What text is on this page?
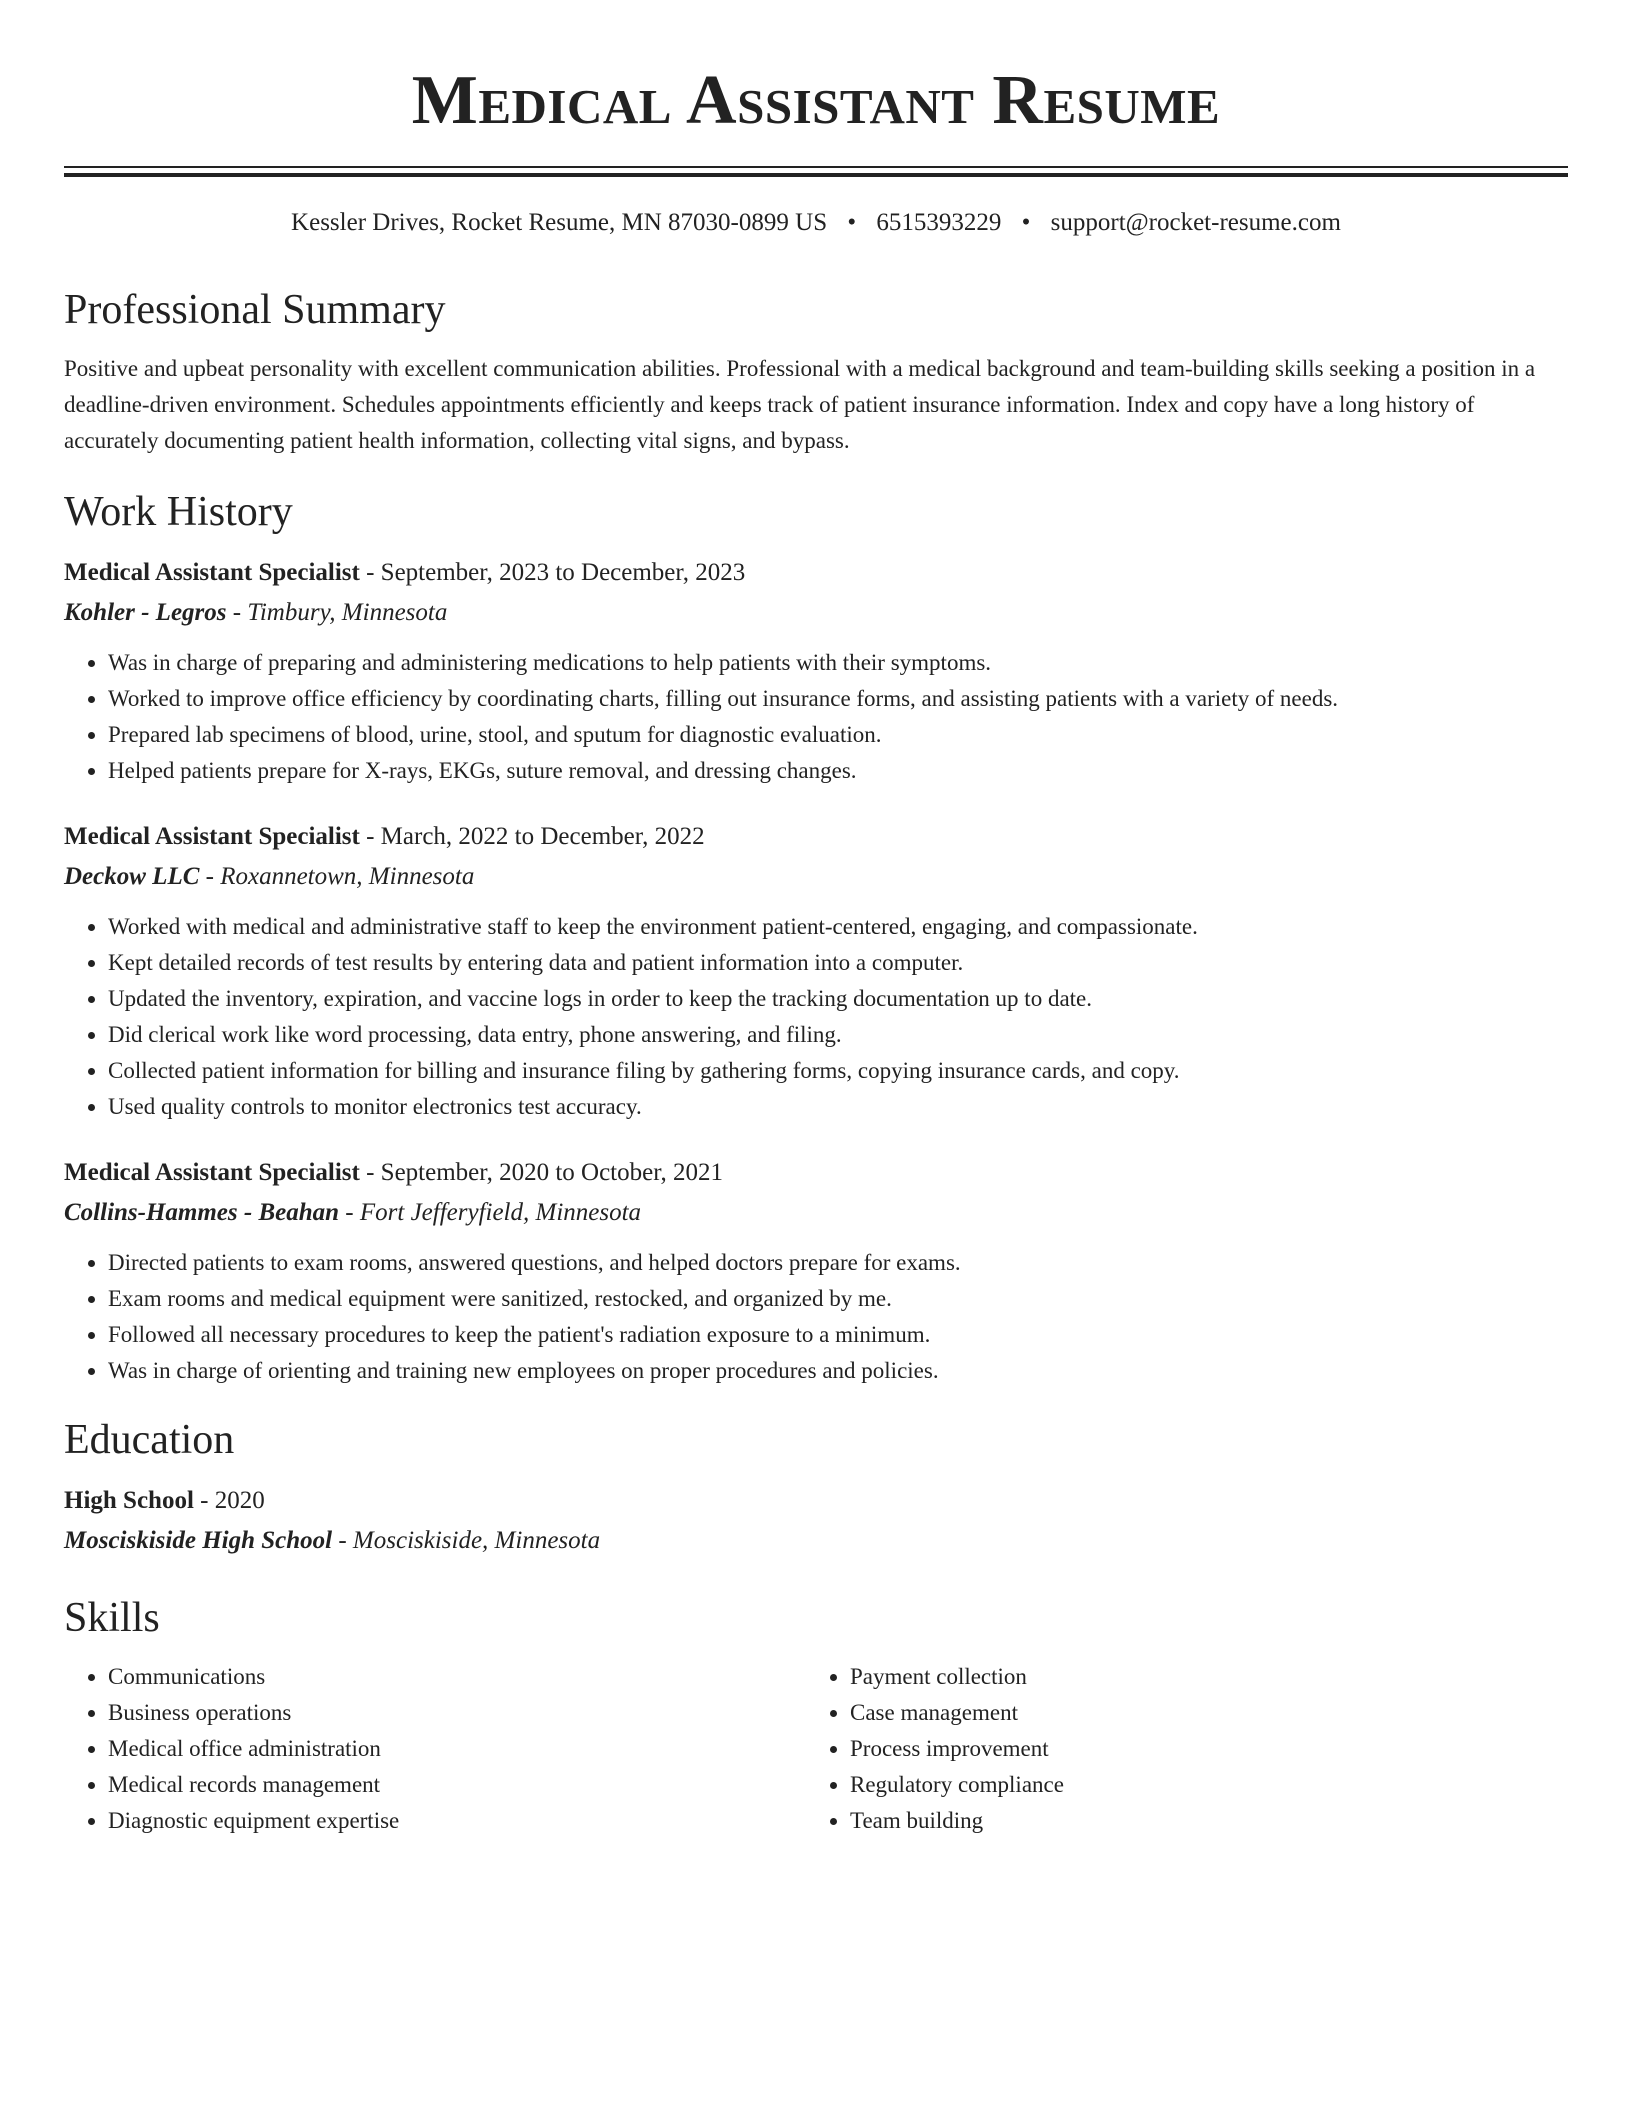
Medical Assistant Resume
Kessler Drives, Rocket Resume, MN 87030-0899 US • 6515393229 • support@rocket-resume.com
Professional Summary

Positive and upbeat personality with excellent communication abilities. Professional with a medical background and team-building skills seeking a position in a deadline-driven environment. Schedules appointments efficiently and keeps track of patient insurance information. Index and copy have a long history of accurately documenting patient health information, collecting vital signs, and bypass.

Work History
Medical Assistant Specialist - September, 2023 to December, 2023
Kohler - Legros - Timbury, Minnesota
• Was in charge of preparing and administering medications to help patients with their symptoms.
• Worked to improve office efficiency by coordinating charts, filling out insurance forms, and assisting patients with a variety of needs.
• Prepared lab specimens of blood, urine, stool, and sputum for diagnostic evaluation.
• Helped patients prepare for X-rays, EKGs, suture removal, and dressing changes.
Medical Assistant Specialist - March, 2022 to December, 2022
Deckow LLC - Roxannetown, Minnesota
• Worked with medical and administrative staff to keep the environment patient-centered, engaging, and compassionate.
• Kept detailed records of test results by entering data and patient information into a computer.
• Updated the inventory, expiration, and vaccine logs in order to keep the tracking documentation up to date.
• Did clerical work like word processing, data entry, phone answering, and filing.
• Collected patient information for billing and insurance filing by gathering forms, copying insurance cards, and copy.
• Used quality controls to monitor electronics test accuracy.
Medical Assistant Specialist - September, 2020 to October, 2021
Collins-Hammes - Beahan - Fort Jefferyfield, Minnesota
• Directed patients to exam rooms, answered questions, and helped doctors prepare for exams.
• Exam rooms and medical equipment were sanitized, restocked, and organized by me.
• Followed all necessary procedures to keep the patient's radiation exposure to a minimum.
• Was in charge of orienting and training new employees on proper procedures and policies.
Education
High School - 2020
Mosciskiside High School - Mosciskiside, Minnesota
Skills
• Communications
• Business operations
• Medical office administration
• Medical records management
• Diagnostic equipment expertise
• Payment collection
• Case management
• Process improvement
• Regulatory compliance
• Team building
